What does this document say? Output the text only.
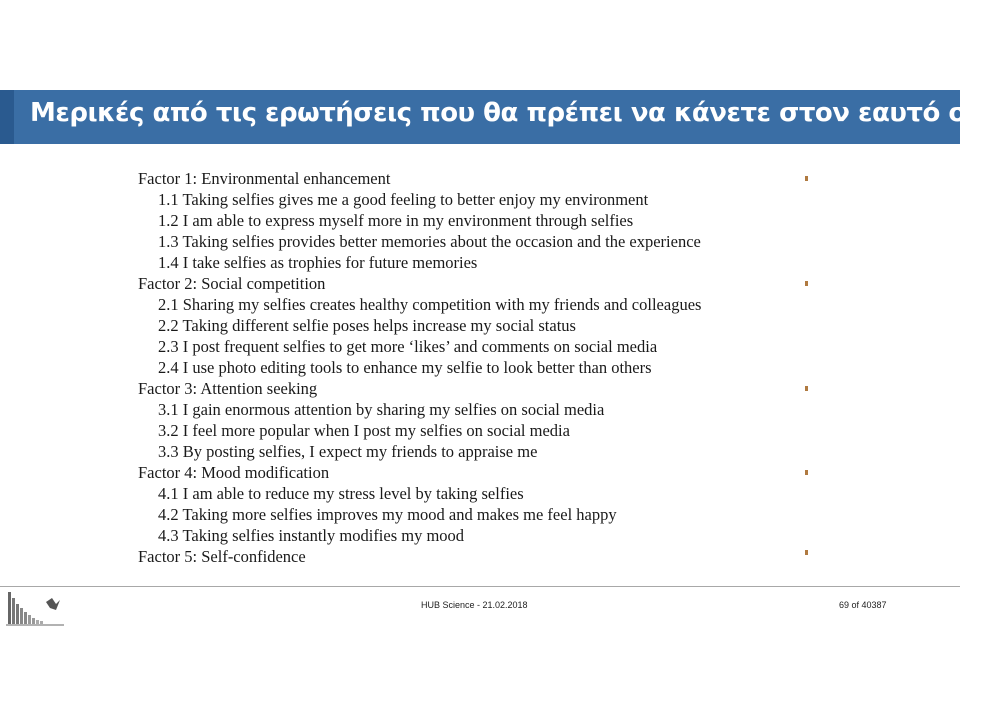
Μερικές από τις ερωτήσεις που θα πρέπει να κάνετε στον εαυτό σας
Factor 1: Environmental enhancement
1.1 Taking selfies gives me a good feeling to better enjoy my environment
1.2 I am able to express myself more in my environment through selfies
1.3 Taking selfies provides better memories about the occasion and the experience
1.4 I take selfies as trophies for future memories
Factor 2: Social competition
2.1 Sharing my selfies creates healthy competition with my friends and colleagues
2.2 Taking different selfie poses helps increase my social status
2.3 I post frequent selfies to get more ‘likes’ and comments on social media
2.4 I use photo editing tools to enhance my selfie to look better than others
Factor 3: Attention seeking
3.1 I gain enormous attention by sharing my selfies on social media
3.2 I feel more popular when I post my selfies on social media
3.3 By posting selfies, I expect my friends to appraise me
Factor 4: Mood modification
4.1 I am able to reduce my stress level by taking selfies
4.2 Taking more selfies improves my mood and makes me feel happy
4.3 Taking selfies instantly modifies my mood
Factor 5: Self-confidence
HUB Science - 21.02.2018	69 of 40387
